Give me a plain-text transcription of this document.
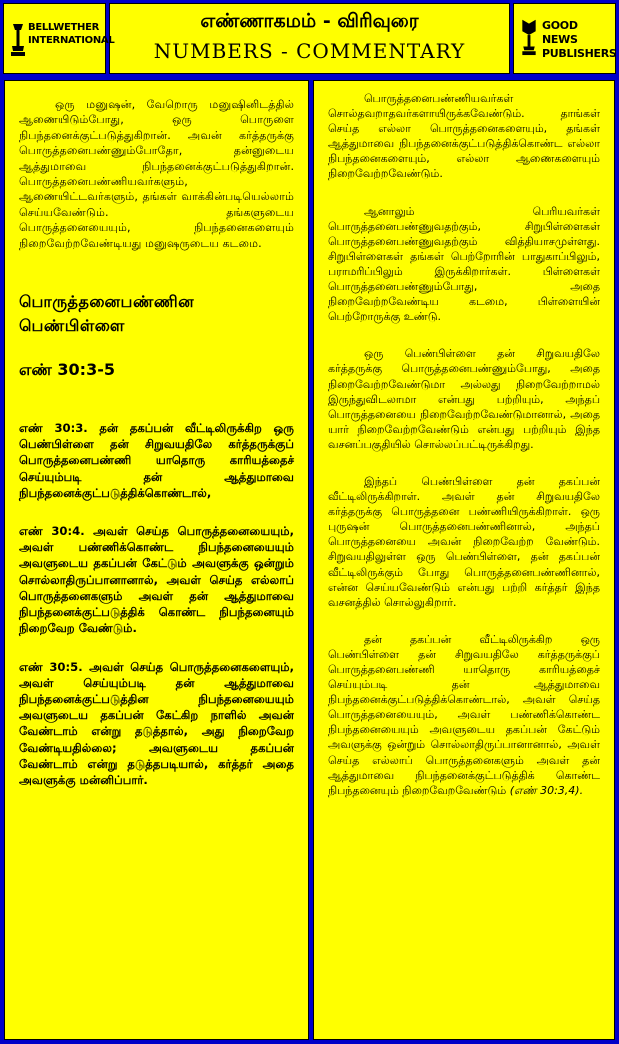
BELLWETHER
INTERNATIONAL
எண்ணாகமம் - விரிவுரை
NUMBERS - COMMENTARY
GOOD NEWS
PUBLISHERS

ஒரு மனுஷன், வேறொரு மனுஷினிடத்தில் ஆணையிடும்போது, ஒரு பொருளை நிபந்தனைக்குட்படுத்துகிறான். அவன் கர்த்தருக்கு பொருத்தனைபண்ணும்போதோ, தன்னுடைய ஆத்துமாவை நிபந்தனைக்குட்படுத்துகிறான். பொருத்தனைபண்ணியவர்களும், ஆணையிட்டவர்களும், தங்கள் வாக்கின்படியெல்லாம் செய்யவேண்டும். தங்களுடைய பொருத்தனையையும், நிபந்தனைகளையும் நிறைவேற்றவேண்டியது மனுஷருடைய கடமை.

பொருத்தனைபண்ணின

பெண்பிள்ளை

எண் 30:3-5

எண் 30:3. தன் தகப்பன் வீட்டிலிருக்கிற ஒரு பெண்பிள்ளை தன் சிறுவயதிலே கர்த்தருக்குப் பொருத்தனைபண்ணி யாதொரு காரியத்தைச் செய்யும்படி தன் ஆத்துமாவை நிபந்தனைக்குட்படுத்திக்கொண்டால்,

எண் 30:4. அவள் செய்த பொருத்தனையையும், அவள் பண்ணிக்கொண்ட நிபந்தனையையும் அவளுடைய தகப்பன் கேட்டும் அவளுக்கு ஒன்றும் சொல்லாதிருப்பானானால், அவள் செய்த எல்லாப் பொருத்தனைகளும் அவள் தன் ஆத்துமாவை நிபந்தனைக்குட்படுத்திக் கொண்ட நிபந்தனையும் நிறைவேற வேண்டும்.

எண் 30:5. அவள் செய்த பொருத்தனைகளையும், அவள் செய்யும்படி தன் ஆத்துமாவை நிபந்தனைக்குட்படுத்தின நிபந்தனையையும் அவளுடைய தகப்பன் கேட்கிற நாளில் அவன் வேண்டாம் என்று தடுத்தால், அது நிறைவேற வேண்டியதில்லை; அவளுடைய தகப்பன் வேண்டாம் என்று தடுத்தபடியால், கர்த்தர் அதை அவளுக்கு மன்னிப்பார்.

பொருத்தனைபண்ணியவர்கள் சொல்தவறாதவர்களாயிருக்கவேண்டும். தாங்கள் செய்த எல்லா பொருத்தனைகளையும், தங்கள் ஆத்துமாவை நிபந்தனைக்குட்படுத்திக்கொண்ட எல்லா நிபந்தனைகளையும், எல்லா ஆணைகளையும் நிறைவேற்றவேண்டும்.

ஆனாலும் பெரியவர்கள் பொருத்தனைபண்ணுவதற்கும், சிறுபிள்ளைகள் பொருத்தனைபண்ணுவதற்கும் வித்தியாசமுள்ளது. சிறுபிள்ளைகள் தங்கள் பெற்றோரின் பாதுகாப்பிலும், பராமரிப்பிலும் இருக்கிறார்கள். பிள்ளைகள் பொருத்தனைபண்ணும்போது, அதை நிறைவேற்றவேண்டிய கடமை, பிள்ளையின் பெற்றோருக்கு உண்டு.

ஒரு பெண்பிள்ளை தன் சிறுவயதிலே கர்த்தருக்கு பொருத்தனைபண்ணும்போது, அதை நிறைவேற்றவேண்டுமா அல்லது நிறைவேற்றாமல் இருந்துவிடலாமா என்பது பற்றியும், அந்தப் பொருத்தனையை நிறைவேற்றவேண்டுமானால், அதை யார் நிறைவேற்றவேண்டும் என்பது பற்றியும் இந்த வசனப்பகுதியில் சொல்லப்பட்டிருக்கிறது.

இந்தப் பெண்பிள்ளை தன் தகப்பன் வீட்டிலிருக்கிறாள். அவள் தன் சிறுவயதிலே கர்த்தருக்கு பொருத்தனை பண்ணியிருக்கிறாள். ஒரு புருஷன் பொருத்தனைபண்ணினால், அந்தப் பொருத்தனையை அவன் நிறைவேற்ற வேண்டும். சிறுவயதிலுள்ள ஒரு பெண்பிள்ளை, தன் தகப்பன் வீட்டிலிருக்கும் போது பொருத்தனைபண்ணினால், என்ன செய்யவேண்டும் என்பது பற்றி கர்த்தர் இந்த வசனத்தில் சொல்லுகிறார்.

தன் தகப்பன் வீட்டிலிருக்கிற ஒரு பெண்பிள்ளை தன் சிறுவயதிலே கர்த்தருக்குப் பொருத்தனைபண்ணி யாதொரு காரியத்தைச் செய்யும்படி தன் ஆத்துமாவை நிபந்தனைக்குட்படுத்திக்கொண்டால், அவள் செய்த பொருத்தனையையும், அவள் பண்ணிக்கொண்ட நிபந்தனையையும் அவளுடைய தகப்பன் கேட்டும் அவளுக்கு ஒன்றும் சொல்லாதிருப்பானானால், அவள் செய்த எல்லாப் பொருத்தனைகளும் அவள் தன் ஆத்துமாவை நிபந்தனைக்குட்படுத்திக் கொண்ட நிபந்தனையும் நிறைவேறவேண்டும் (எண் 30:3,4).
